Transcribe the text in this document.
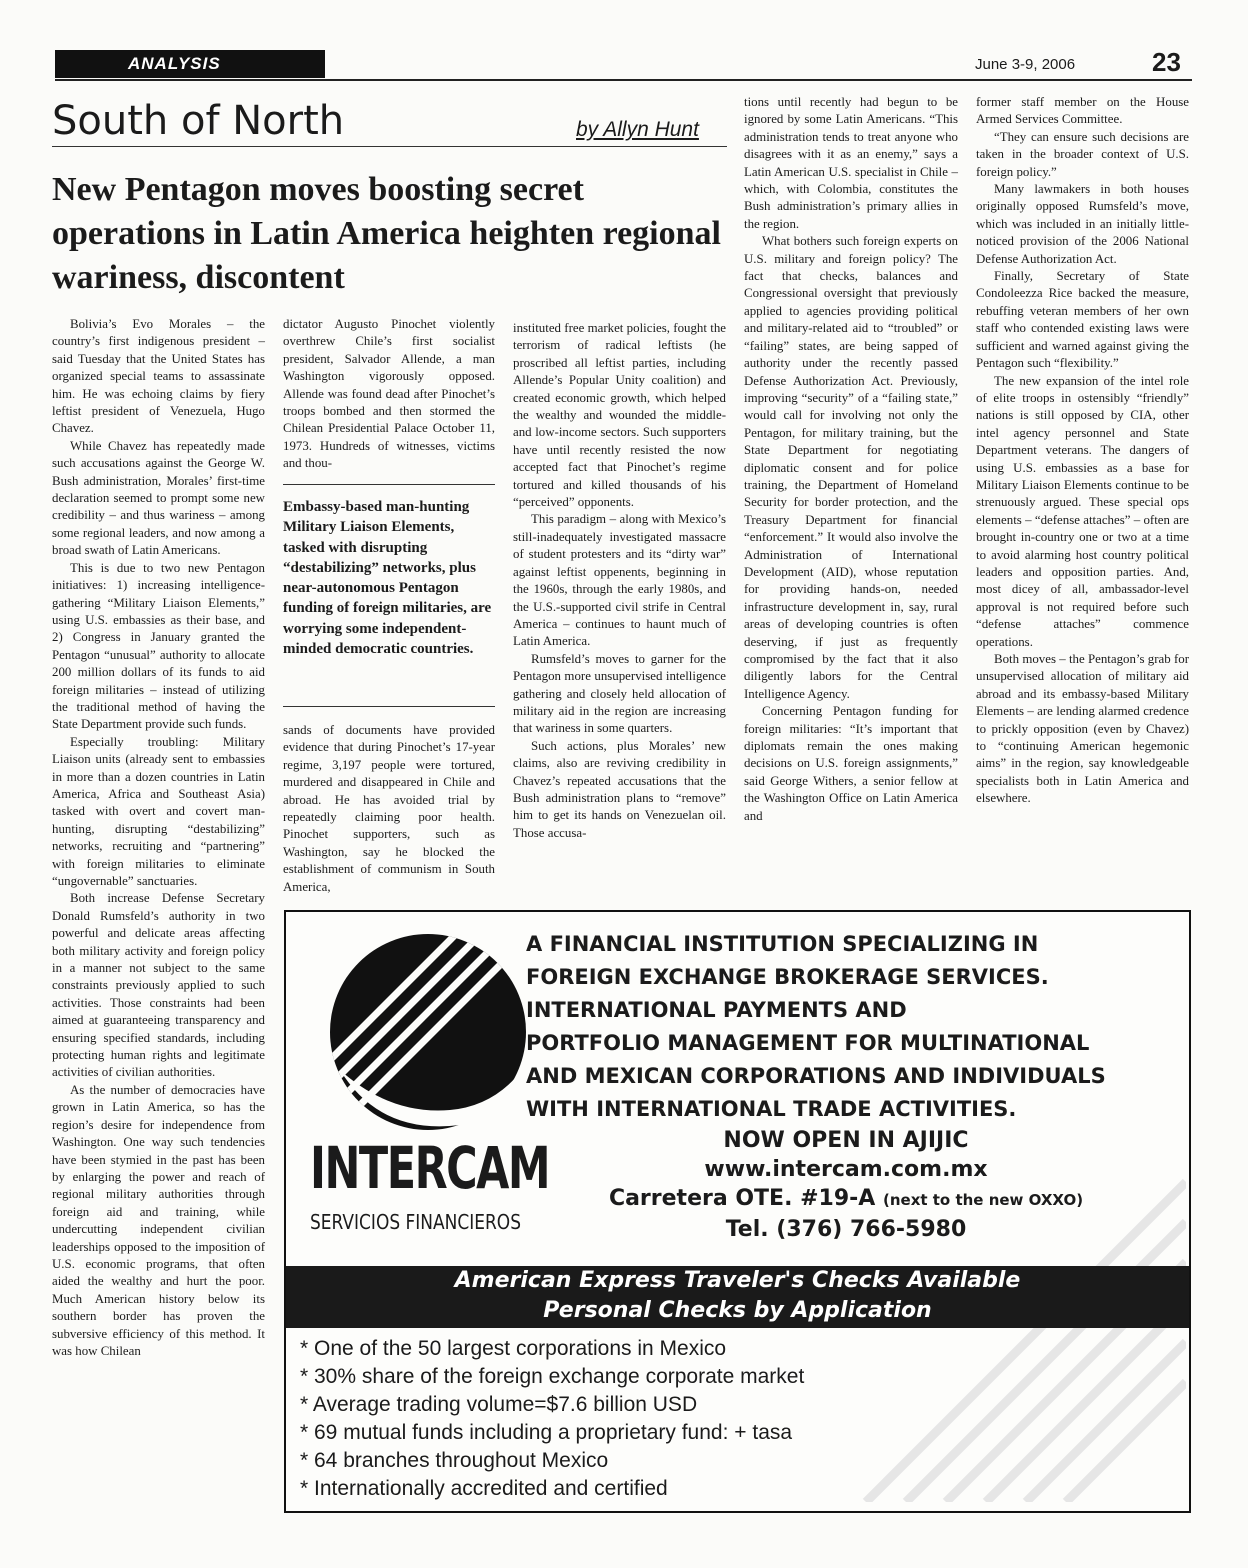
ANALYSIS	June 3-9, 2006	23
South of North	by Allyn Hunt
New Pentagon moves boosting secret operations in Latin America heighten regional wariness, discontent

Bolivia’s Evo Morales – the country’s first indigenous president – said Tuesday that the United States has organized special teams to assassinate him. He was echoing claims by fiery leftist president of Venezuela, Hugo Chavez.

While Chavez has repeatedly made such accusations against the George W. Bush administration, Morales’ first-time declaration seemed to prompt some new credibility – and thus wariness – among some regional leaders, and now among a broad swath of Latin Americans.

This is due to two new Pentagon initiatives: 1) increasing intelligence-gathering “Military Liaison Elements,” using U.S. embassies as their base, and 2) Congress in January granted the Pentagon “unusual” authority to allocate 200 million dollars of its funds to aid foreign militaries – instead of utilizing the traditional method of having the State Department provide such funds.

Especially troubling: Military Liaison units (already sent to embassies in more than a dozen countries in Latin America, Africa and Southeast Asia) tasked with overt and covert man-hunting, disrupting “destabilizing” networks, recruiting and “partnering” with foreign militaries to eliminate “ungovernable” sanctuaries.

Both increase Defense Secretary Donald Rumsfeld’s authority in two powerful and delicate areas affecting both military activity and foreign policy in a manner not subject to the same constraints previously applied to such activities. Those constraints had been aimed at guaranteeing transparency and ensuring specified standards, including protecting human rights and legitimate activities of civilian authorities.

As the number of democracies have grown in Latin America, so has the region’s desire for independence from Washington. One way such tendencies have been stymied in the past has been by enlarging the power and reach of regional military authorities through foreign aid and training, while undercutting independent civilian leaderships opposed to the imposition of U.S. economic programs, that often aided the wealthy and hurt the poor. Much American history below its southern border has proven the subversive efficiency of this method. It was how Chilean

dictator Augusto Pinochet violently overthrew Chile’s first socialist president, Salvador Allende, a man Washington vigorously opposed. Allende was found dead after Pinochet’s troops bombed and then stormed the Chilean Presidential Palace October 11, 1973. Hundreds of witnesses, victims and thou-

Embassy-based man-hunting Military Liaison Elements, tasked with disrupting “destabilizing” networks, plus near-autonomous Pentagon funding of foreign militaries, are worrying some independent-minded democratic countries.

sands of documents have provided evidence that during Pinochet’s 17-year regime, 3,197 people were tortured, murdered and disappeared in Chile and abroad. He has avoided trial by repeatedly claiming poor health. Pinochet supporters, such as Washington, say he blocked the establishment of communism in South America,

instituted free market policies, fought the terrorism of radical leftists (he proscribed all leftist parties, including Allende’s Popular Unity coalition) and created economic growth, which helped the wealthy and wounded the middle- and low-income sectors. Such supporters have until recently resisted the now accepted fact that Pinochet’s regime tortured and killed thousands of his “perceived” opponents.

This paradigm – along with Mexico’s still-inadequately investigated massacre of student protesters and its “dirty war” against leftist oppenents, beginning in the 1960s, through the early 1980s, and the U.S.-supported civil strife in Central America – continues to haunt much of Latin America.

Rumsfeld’s moves to garner for the Pentagon more unsupervised intelligence gathering and closely held allocation of military aid in the region are increasing that wariness in some quarters.

Such actions, plus Morales’ new claims, also are reviving credibility in Chavez’s repeated accusations that the Bush administration plans to “remove” him to get its hands on Venezuelan oil. Those accusa-

tions until recently had begun to be ignored by some Latin Americans. “This administration tends to treat anyone who disagrees with it as an enemy,” says a Latin American U.S. specialist in Chile – which, with Colombia, constitutes the Bush administration’s primary allies in the region.

What bothers such foreign experts on U.S. military and foreign policy? The fact that checks, balances and Congressional oversight that previously applied to agencies providing political and military-related aid to “troubled” or “failing” states, are being sapped of authority under the recently passed Defense Authorization Act. Previously, improving “security” of a “failing state,” would call for involving not only the Pentagon, for military training, but the State Department for negotiating diplomatic consent and for police training, the Department of Homeland Security for border protection, and the Treasury Department for financial “enforcement.” It would also involve the Administration of International Development (AID), whose reputation for providing hands-on, needed infrastructure development in, say, rural areas of developing countries is often deserving, if just as frequently compromised by the fact that it also diligently labors for the Central Intelligence Agency.

Concerning Pentagon funding for foreign militaries: “It’s important that diplomats remain the ones making decisions on U.S. foreign assignments,” said George Withers, a senior fellow at the Washington Office on Latin America and

former staff member on the House Armed Services Committee.

“They can ensure such decisions are taken in the broader context of U.S. foreign policy.”

Many lawmakers in both houses originally opposed Rumsfeld’s move, which was included in an initially little-noticed provision of the 2006 National Defense Authorization Act.

Finally, Secretary of State Condoleezza Rice backed the measure, rebuffing veteran members of her own staff who contended existing laws were sufficient and warned against giving the Pentagon such “flexibility.”

The new expansion of the intel role of elite troops in ostensibly “friendly” nations is still opposed by CIA, other intel agency personnel and State Department veterans. The dangers of using U.S. embassies as a base for Military Liaison Elements continue to be strenuously argued. These special ops elements – “defense attaches” – often are brought in-country one or two at a time to avoid alarming host country political leaders and opposition parties. And, most dicey of all, ambassador-level approval is not required before such “defense attaches” commence operations.

Both moves – the Pentagon’s grab for unsupervised allocation of military aid abroad and its embassy-based Military Elements – are lending alarmed credence to prickly opposition (even by Chavez) to “continuing American hegemonic aims” in the region, say knowledgeable specialists both in Latin America and elsewhere.

INTERCAM
SERVICIOS FINANCIEROS
A FINANCIAL INSTITUTION SPECIALIZING IN
FOREIGN EXCHANGE BROKERAGE SERVICES.
INTERNATIONAL PAYMENTS AND
PORTFOLIO MANAGEMENT FOR MULTINATIONAL
AND MEXICAN CORPORATIONS AND INDIVIDUALS
WITH INTERNATIONAL TRADE ACTIVITIES.
NOW OPEN IN AJIJIC
www.intercam.com.mx
Carretera OTE. #19-A (next to the new OXXO)
Tel. (376) 766-5980
American Express Traveler's Checks Available
Personal Checks by Application
* One of the 50 largest corporations in Mexico
* 30% share of the foreign exchange corporate market
* Average trading volume=$7.6 billion USD
* 69 mutual funds including a proprietary fund: + tasa
* 64 branches throughout Mexico
* Internationally accredited and certified
